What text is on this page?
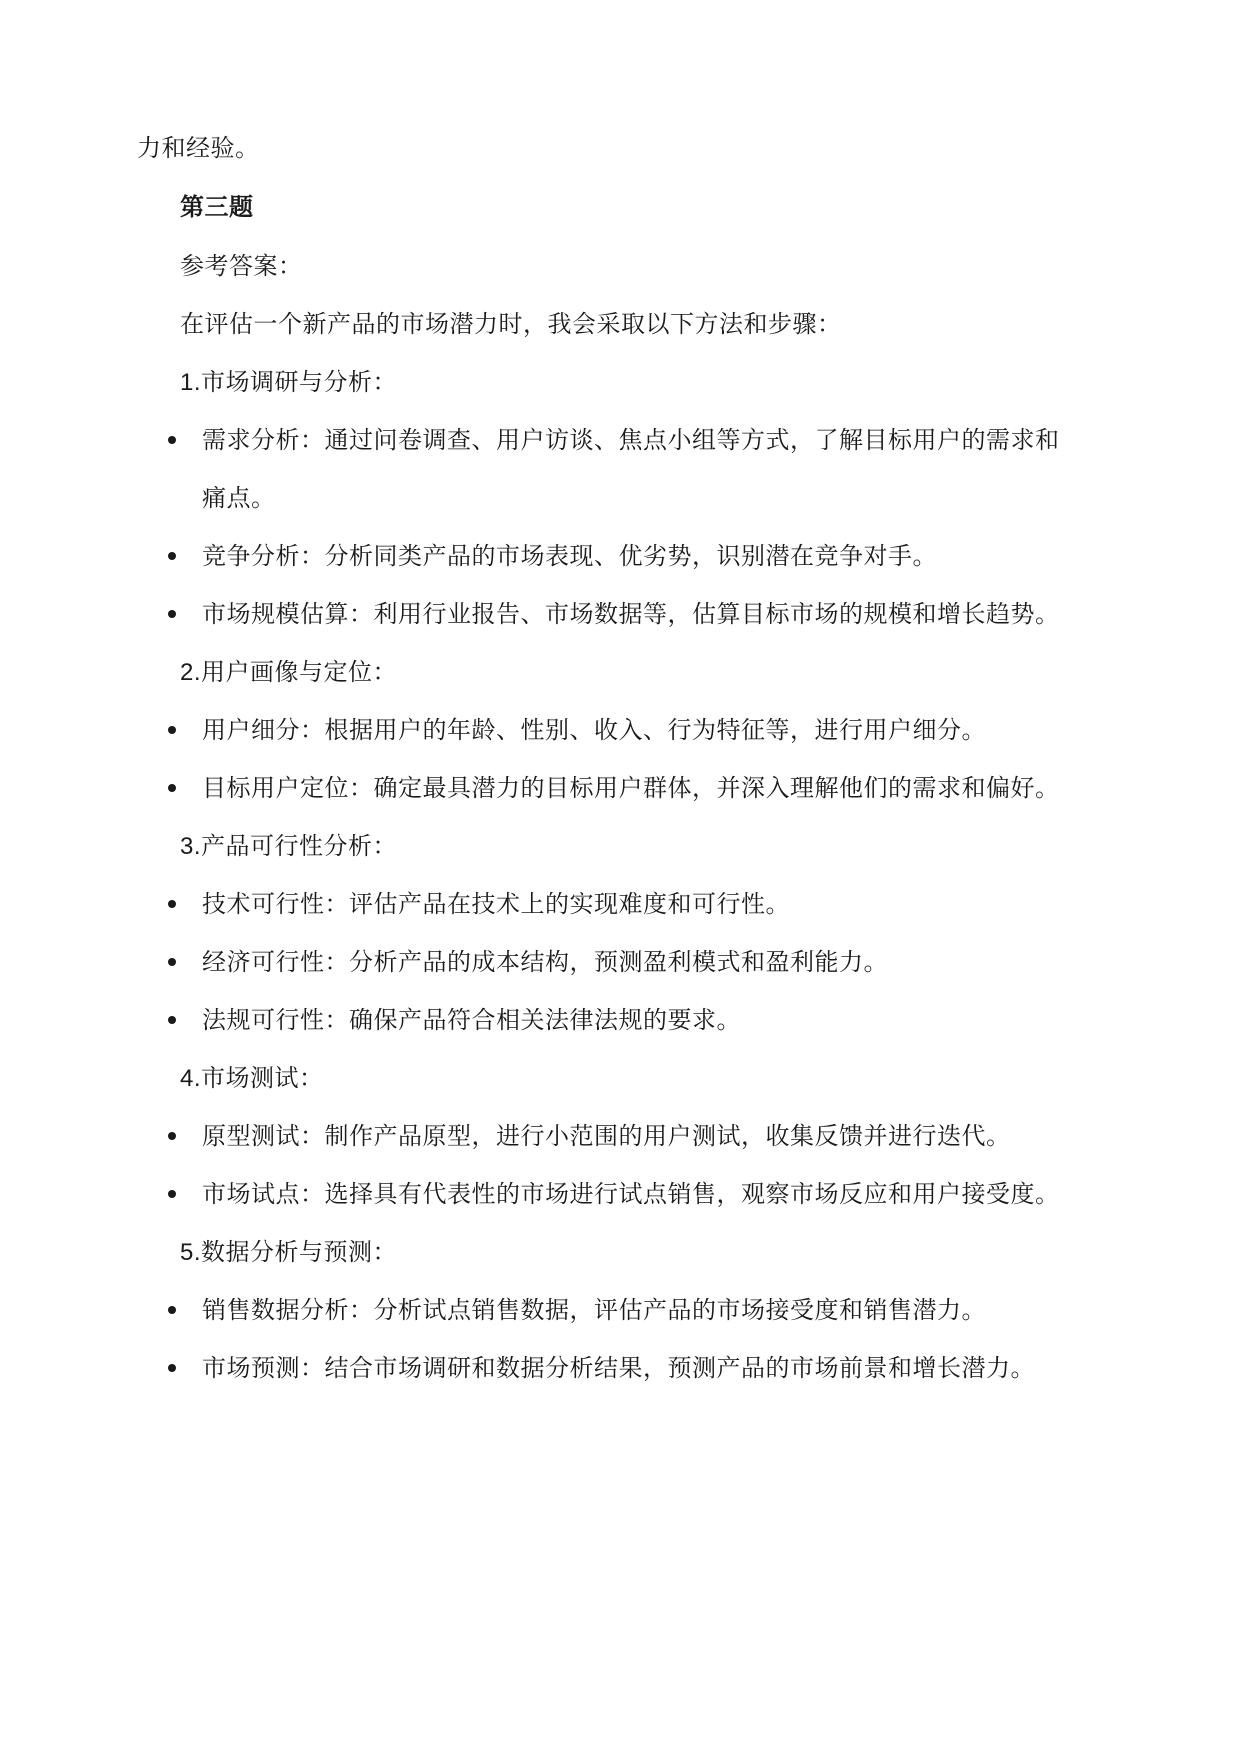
力和经验。
第三题
参考答案：
在评估一个新产品的市场潜力时，我会采取以下方法和步骤：
1.市场调研与分析：
需求分析：通过问卷调查、用户访谈、焦点小组等方式，了解目标用户的需求和
痛点。
竞争分析：分析同类产品的市场表现、优劣势，识别潜在竞争对手。
市场规模估算：利用行业报告、市场数据等，估算目标市场的规模和增长趋势。
2.用户画像与定位：
用户细分：根据用户的年龄、性别、收入、行为特征等，进行用户细分。
目标用户定位：确定最具潜力的目标用户群体，并深入理解他们的需求和偏好。
3.产品可行性分析：
技术可行性：评估产品在技术上的实现难度和可行性。
经济可行性：分析产品的成本结构，预测盈利模式和盈利能力。
法规可行性：确保产品符合相关法律法规的要求。
4.市场测试：
原型测试：制作产品原型，进行小范围的用户测试，收集反馈并进行迭代。
市场试点：选择具有代表性的市场进行试点销售，观察市场反应和用户接受度。
5.数据分析与预测：
销售数据分析：分析试点销售数据，评估产品的市场接受度和销售潜力。
市场预测：结合市场调研和数据分析结果，预测产品的市场前景和增长潜力。
